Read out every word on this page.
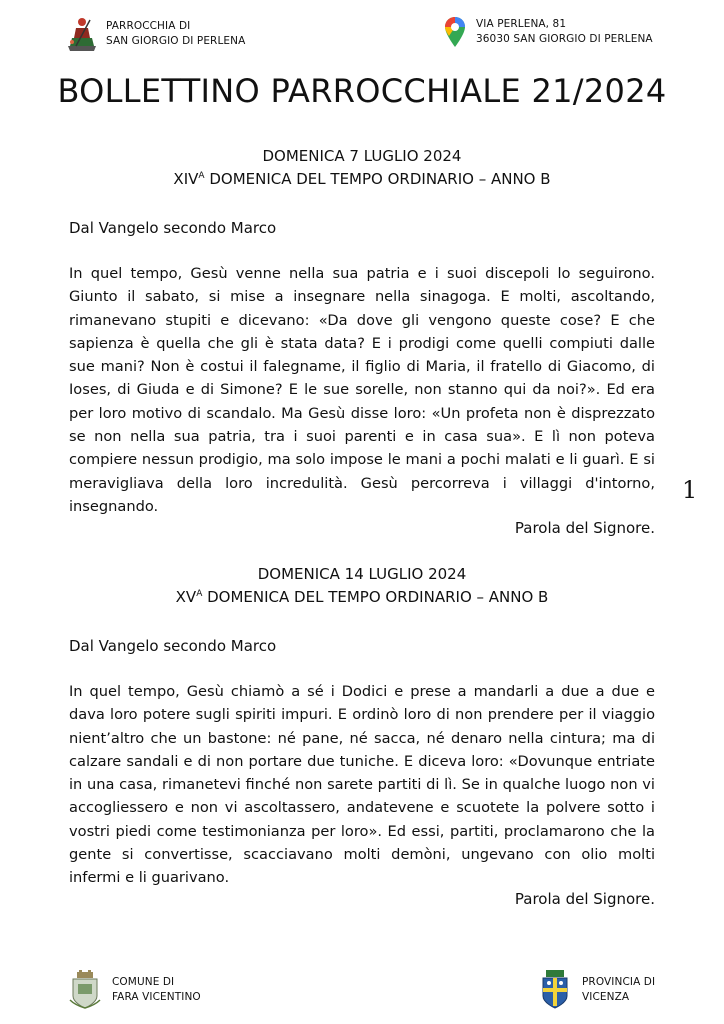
PARROCCHIA DI
SAN GIORGIO DI PERLENA
VIA PERLENA, 81
36030 SAN GIORGIO DI PERLENA
BOLLETTINO PARROCCHIALE 21/2024
DOMENICA 7 LUGLIO 2024
$XIV^A$ DOMENICA DEL TEMPO ORDINARIO – ANNO B
Dal Vangelo secondo Marco

In quel tempo, Gesù venne nella sua patria e i suoi discepoli lo seguirono. Giunto il sabato, si mise a insegnare nella sinagoga. E molti, ascoltando, rimanevano stupiti e dicevano: «Da dove gli vengono queste cose? E che sapienza è quella che gli è stata data? E i prodigi come quelli compiuti dalle sue mani? Non è costui il falegname, il figlio di Maria, il fratello di Giacomo, di Ioses, di Giuda e di Simone? E le sue sorelle, non stanno qui da noi?». Ed era per loro motivo di scandalo. Ma Gesù disse loro: «Un profeta non è disprezzato se non nella sua patria, tra i suoi parenti e in casa sua». E lì non poteva compiere nessun prodigio, ma solo impose le mani a pochi malati e li guarì. E si meravigliava della loro incredulità. Gesù percorreva i villaggi d'intorno, insegnando.

Parola del Signore.
1
DOMENICA 14 LUGLIO 2024
$XV^A$ DOMENICA DEL TEMPO ORDINARIO – ANNO B
Dal Vangelo secondo Marco

In quel tempo, Gesù chiamò a sé i Dodici e prese a mandarli a due a due e dava loro potere sugli spiriti impuri. E ordinò loro di non prendere per il viaggio nient’altro che un bastone: né pane, né sacca, né denaro nella cintura; ma di calzare sandali e di non portare due tuniche. E diceva loro: «Dovunque entriate in una casa, rimanetevi finché non sarete partiti di lì. Se in qualche luogo non vi accogliessero e non vi ascoltassero, andatevene e scuotete la polvere sotto i vostri piedi come testimonianza per loro». Ed essi, partiti, proclamarono che la gente si convertisse, scacciavano molti demòni, ungevano con olio molti infermi e li guarivano.

Parola del Signore.
COMUNE DI
FARA VICENTINO
PROVINCIA DI
VICENZA
